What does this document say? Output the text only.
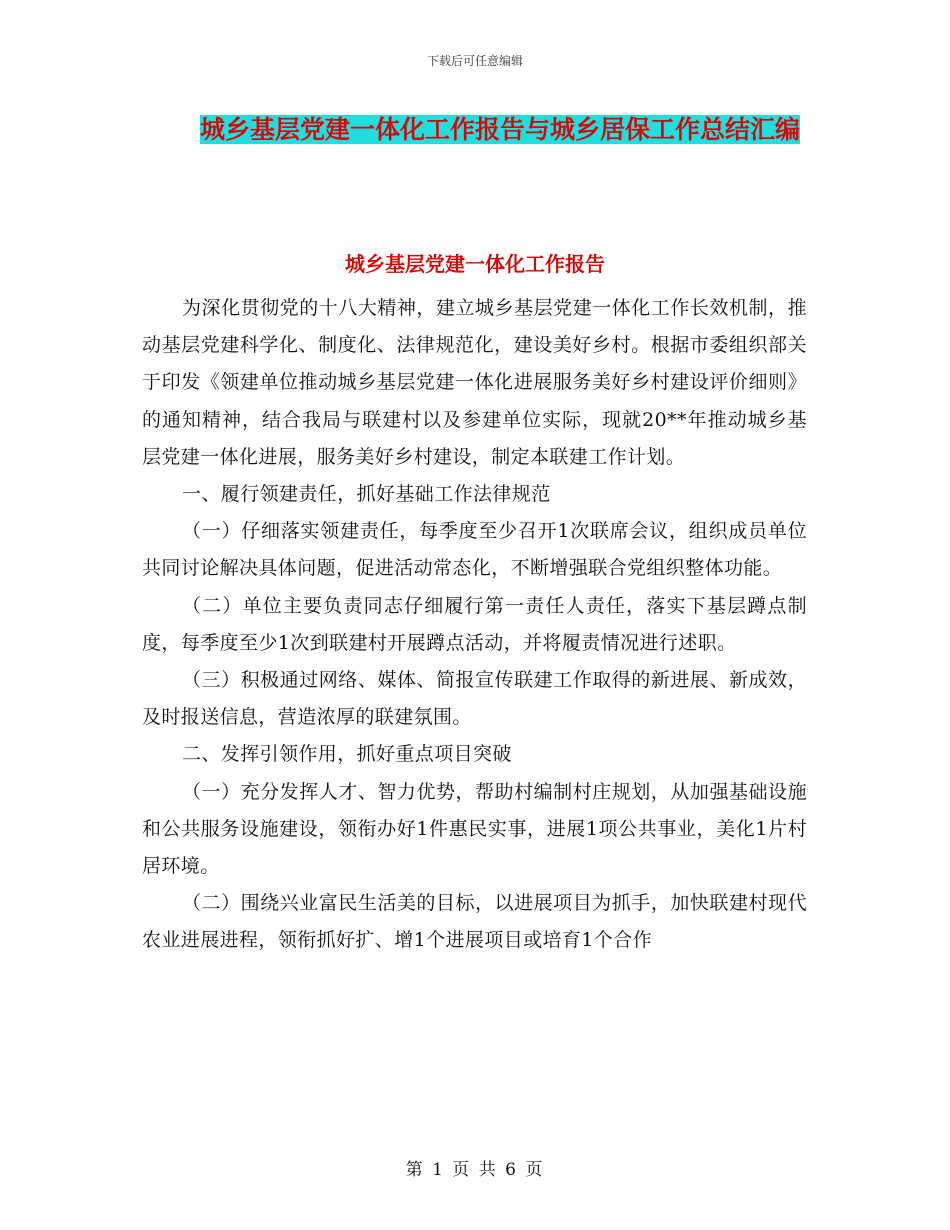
下载后可任意编辑
城乡基层党建一体化工作报告与城乡居保工作总结汇编
城乡基层党建一体化工作报告

为深化贯彻党的十八大精神，建立城乡基层党建一体化工作长效机制，推动基层党建科学化、制度化、法律规范化，建设美好乡村。根据市委组织部关于印发《领建单位推动城乡基层党建一体化进展服务美好乡村建设评价细则》的通知精神，结合我局与联建村以及参建单位实际，现就20**年推动城乡基层党建一体化进展，服务美好乡村建设，制定本联建工作计划。

一、履行领建责任，抓好基础工作法律规范

（一）仔细落实领建责任，每季度至少召开1次联席会议，组织成员单位共同讨论解决具体问题，促进活动常态化，不断增强联合党组织整体功能。

（二）单位主要负责同志仔细履行第一责任人责任，落实下基层蹲点制度，每季度至少1次到联建村开展蹲点活动，并将履责情况进行述职。

（三）积极通过网络、媒体、简报宣传联建工作取得的新进展、新成效，及时报送信息，营造浓厚的联建氛围。

二、发挥引领作用，抓好重点项目突破

（一）充分发挥人才、智力优势，帮助村编制村庄规划，从加强基础设施和公共服务设施建设，领衔办好1件惠民实事，进展1项公共事业，美化1片村居环境。

（二）围绕兴业富民生活美的目标，以进展项目为抓手，加快联建村现代农业进展进程，领衔抓好扩、增1个进展项目或培育1个合作

第 1 页 共 6 页
